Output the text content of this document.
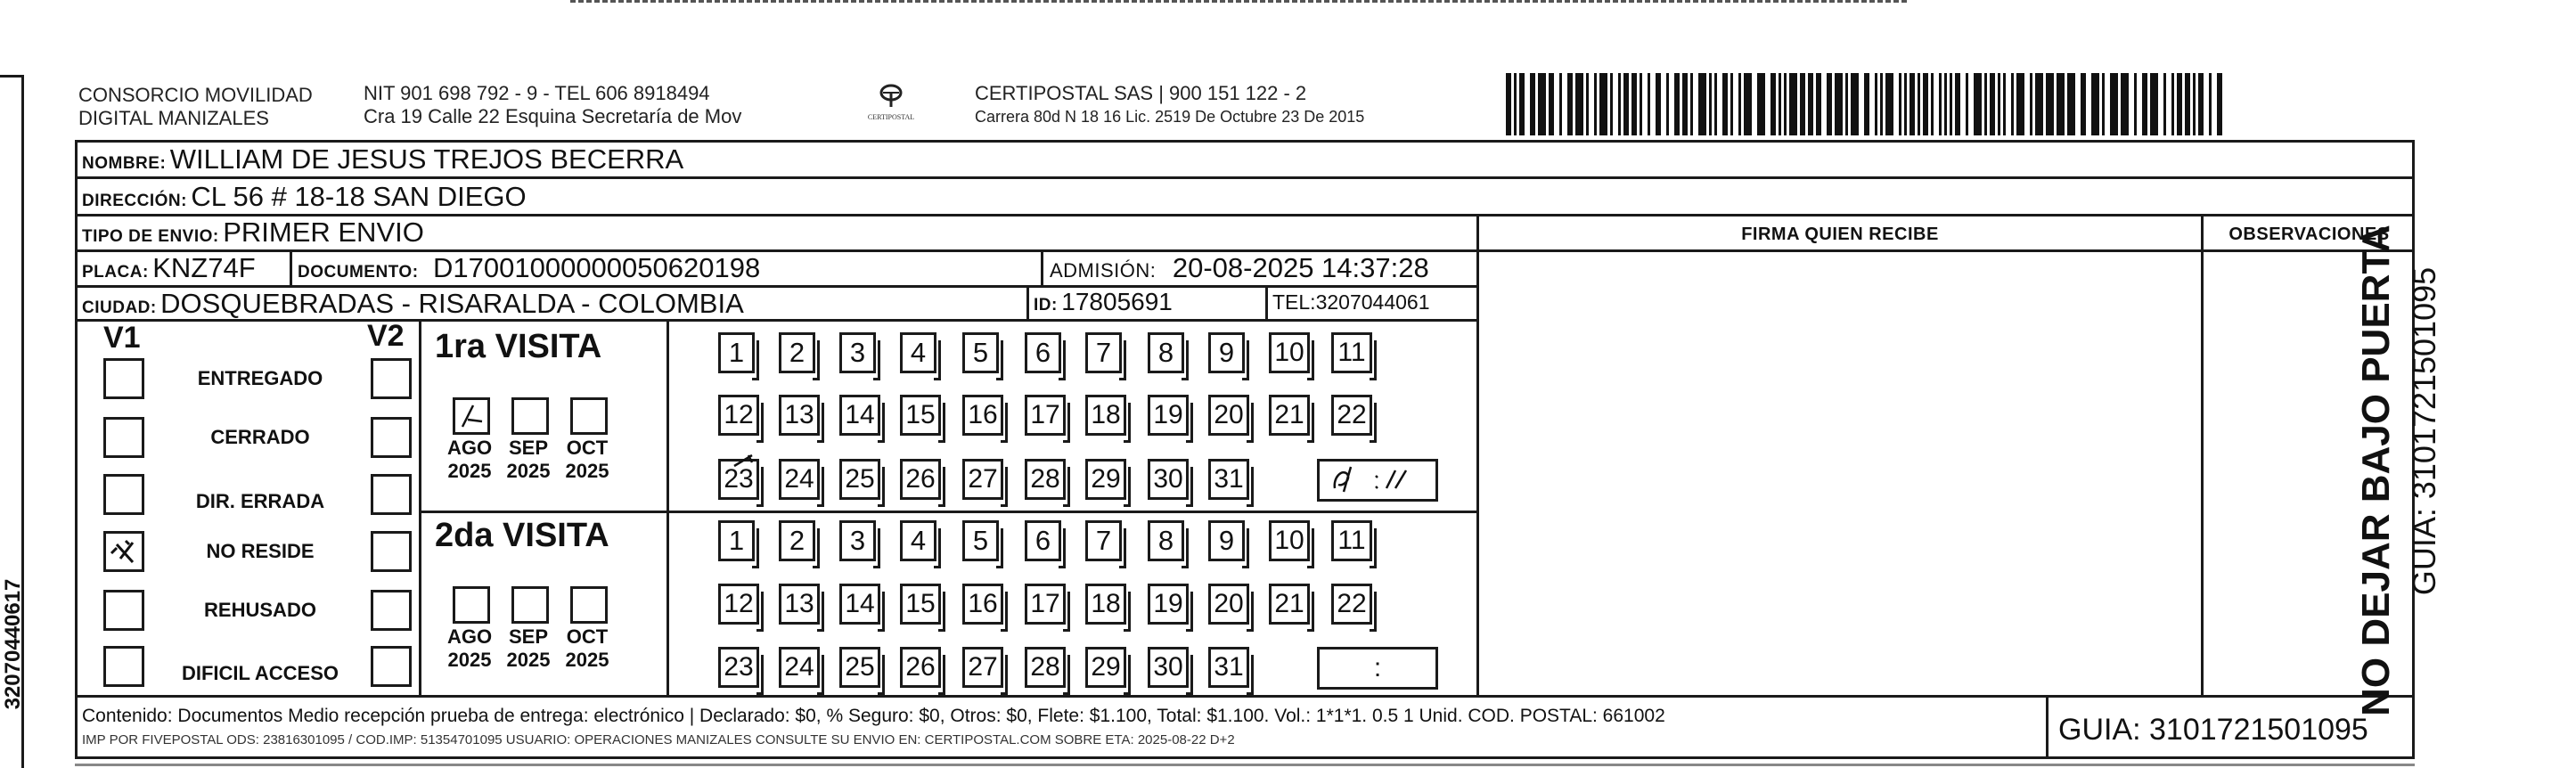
32070440617
CONSORCIO MOVILIDAD
DIGITAL MANIZALES
NIT 901 698 792 - 9 - TEL 606 8918494
Cra 19 Calle 22 Esquina Secretaría de Mov	CERTIPOSTAL
CERTIPOSTAL SAS | 900 151 122 - 2
Carrera 80d N 18 16 Lic. 2519 De Octubre 23 De 2015
NOMBRE: WILLIAM DE JESUS TREJOS BECERRA
DIRECCIÓN: CL 56 # 18-18 SAN DIEGO
TIPO DE ENVIO: PRIMER ENVIO	FIRMA QUIEN RECIBE	OBSERVACIONES
PLACA: KNZ74F DOCUMENTO: D17001000000050620198	ADMISIÓN: 20-08-2025 14:37:28
CIUDAD: DOSQUEBRADAS - RISARALDA - COLOMBIA	ID: 17805691	TEL:3207044061
V1	V2
ENTREGADO
CERRADO
DIR. ERRADA
NO RESIDE
REHUSADO
DIFICIL ACCESO
1ra VISITA
2da VISITA
AGO
2025
SEP
2025
OCT
2025
AGO
2025
SEP
2025
OCT
2025
1	2	3	4	5	6	7	8	9	10 11
12 13 14 15 16 17 18 19 20 21 22
23 24 25 26 27 28 29 30 31
1	2	3	4	5	6	7	8	9	10 11
12 13 14 15 16 17 18 19 20 21 22
23 24 25 26 27 28 29 30 31	:
Contenido: Documentos Medio recepción prueba de entrega: electrónico | Declarado: $0, % Seguro: $0, Otros: $0, Flete: $1.100, Total: $1.100. Vol.: 1*1*1. 0.5 1 Unid. COD. POSTAL: 661002
IMP POR FIVEPOSTAL ODS: 23816301095 / COD.IMP: 51354701095 USUARIO: OPERACIONES MANIZALES CONSULTE SU ENVIO EN: CERTIPOSTAL.COM SOBRE ETA: 2025-08-22 D+2	GUIA: 3101721501095
NO DEJAR BAJO PUERTA GUIA: 3101721501095
